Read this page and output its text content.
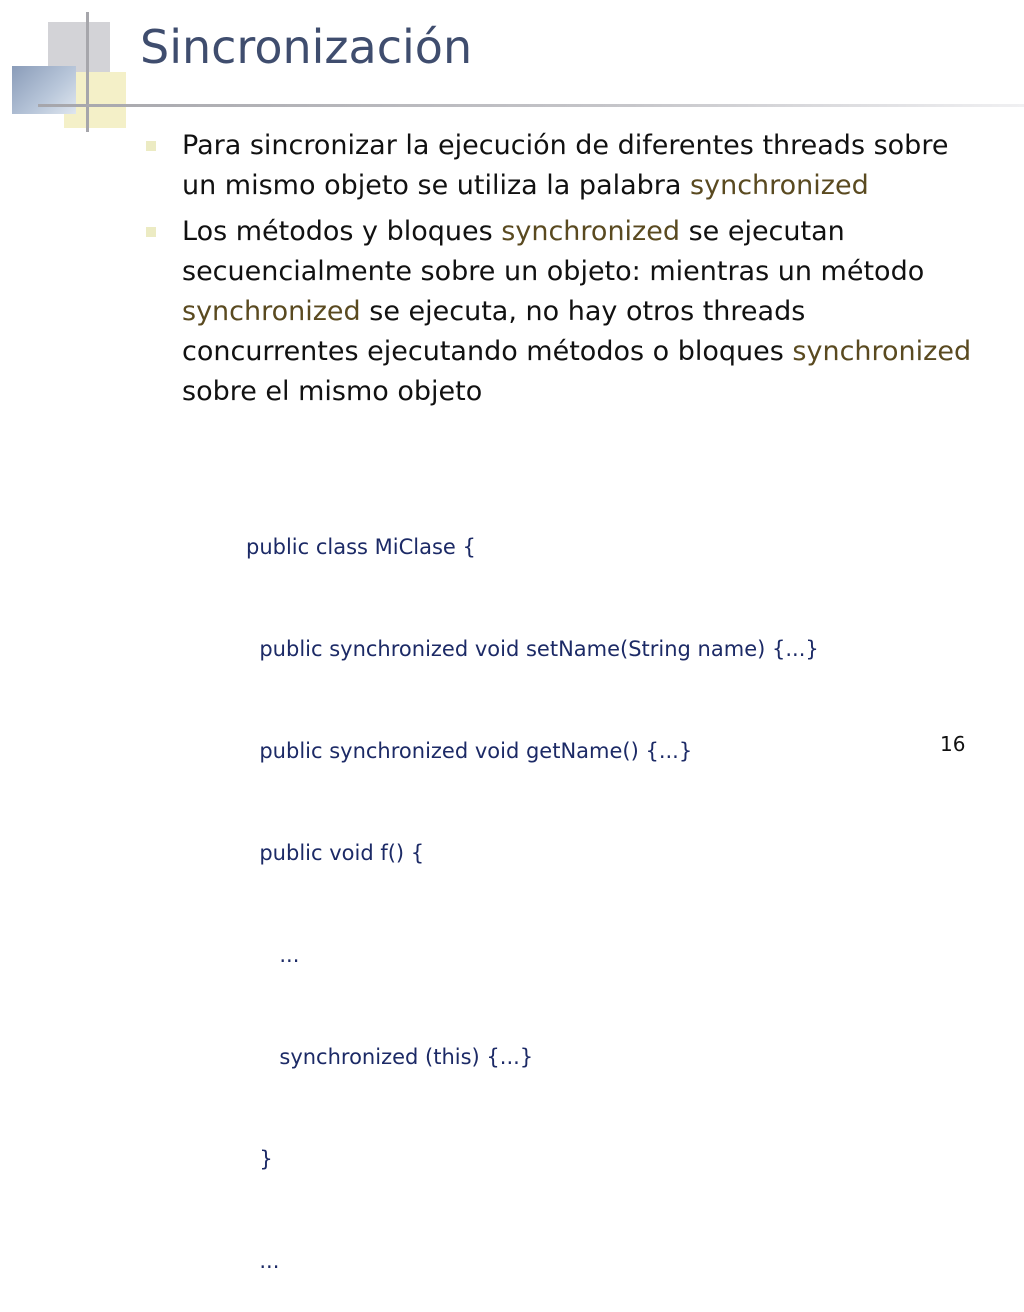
Sincronización
Para sincronizar la ejecución de diferentes threads sobre un mismo objeto se utiliza la palabra synchronized
Los métodos y bloques synchronized se ejecutan secuencialmente sobre un objeto: mientras un método synchronized se ejecuta, no hay otros threads concurrentes ejecutando métodos o bloques synchronized sobre el mismo objeto

public class MiClase {

public synchronized void setName(String name) {...}

public synchronized void getName() {...}

public void f() {

...

synchronized (this) {...}

}

...

16
